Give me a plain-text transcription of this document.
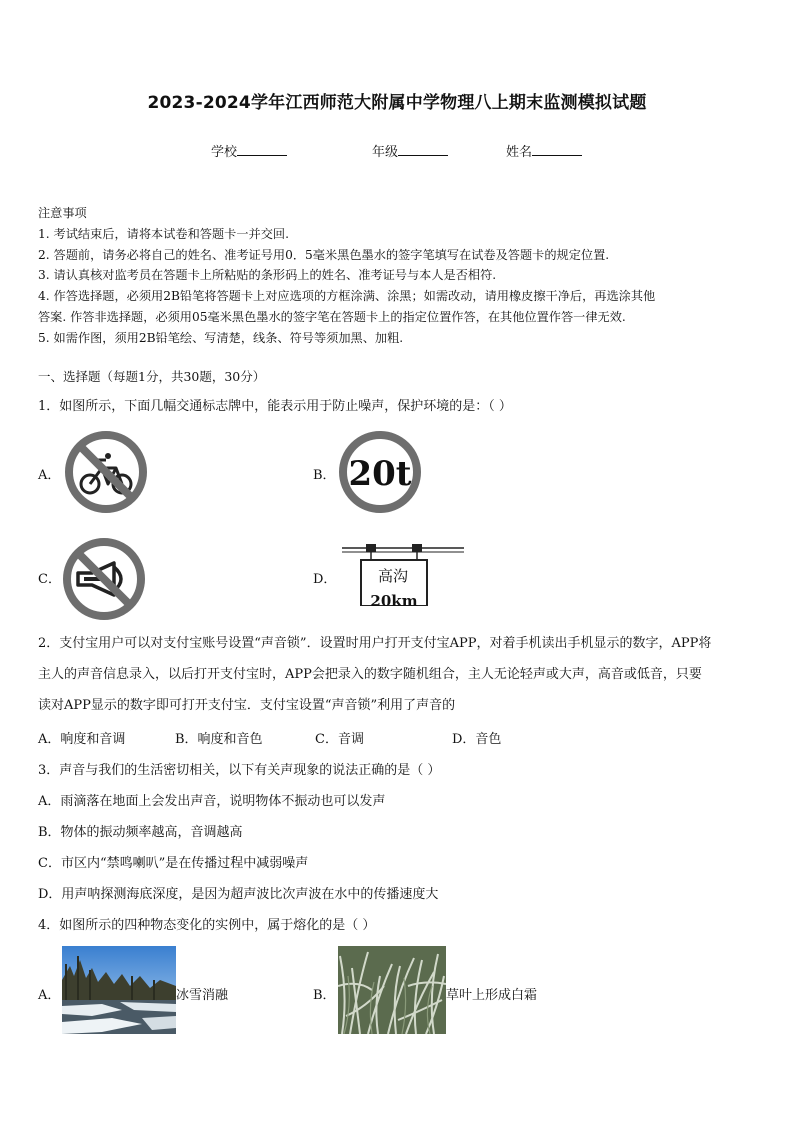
2023-2024学年江西师范大附属中学物理八上期末监测模拟试题
学校	年级	姓名
注意事项
1. 考试结束后，请将本试卷和答题卡一并交回.
2. 答题前，请务必将自己的姓名、准考证号用0．5毫米黑色墨水的签字笔填写在试卷及答题卡的规定位置.
3. 请认真核对监考员在答题卡上所粘贴的条形码上的姓名、准考证号与本人是否相符.
4. 作答选择题，必须用2B铅笔将答题卡上对应选项的方框涂满、涂黑；如需改动，请用橡皮擦干净后，再选涂其他
答案. 作答非选择题，必须用05毫米黑色墨水的签字笔在答题卡上的指定位置作答，在其他位置作答一律无效.
5. 如需作图，须用2B铅笔绘、写清楚，线条、符号等须加黑、加粗.
一、选择题（每题1分，共30题，30分）
1．如图所示，下面几幅交通标志牌中，能表示用于防止噪声，保护环境的是：（ ）
A．	B． 20t
C．	D．	高沟
20km
2．支付宝用户可以对支付宝账号设置“声音锁”．设置时用户打开支付宝APP，对着手机读出手机显示的数字，APP将
主人的声音信息录入，以后打开支付宝时，APP会把录入的数字随机组合，主人无论轻声或大声，高音或低音，只要
读对APP显示的数字即可打开支付宝．支付宝设置“声音锁”利用了声音的
A．响度和音调	B．响度和音色	C．音调	D．音色
3．声音与我们的生活密切相关，以下有关声现象的说法正确的是（ ）
A．雨滴落在地面上会发出声音，说明物体不振动也可以发声
B．物体的振动频率越高，音调越高
C．市区内“禁鸣喇叭”是在传播过程中减弱噪声
D．用声呐探测海底深度，是因为超声波比次声波在水中的传播速度大
4．如图所示的四种物态变化的实例中，属于熔化的是（ ）
A．	冰雪消融	B．	草叶上形成白霜
